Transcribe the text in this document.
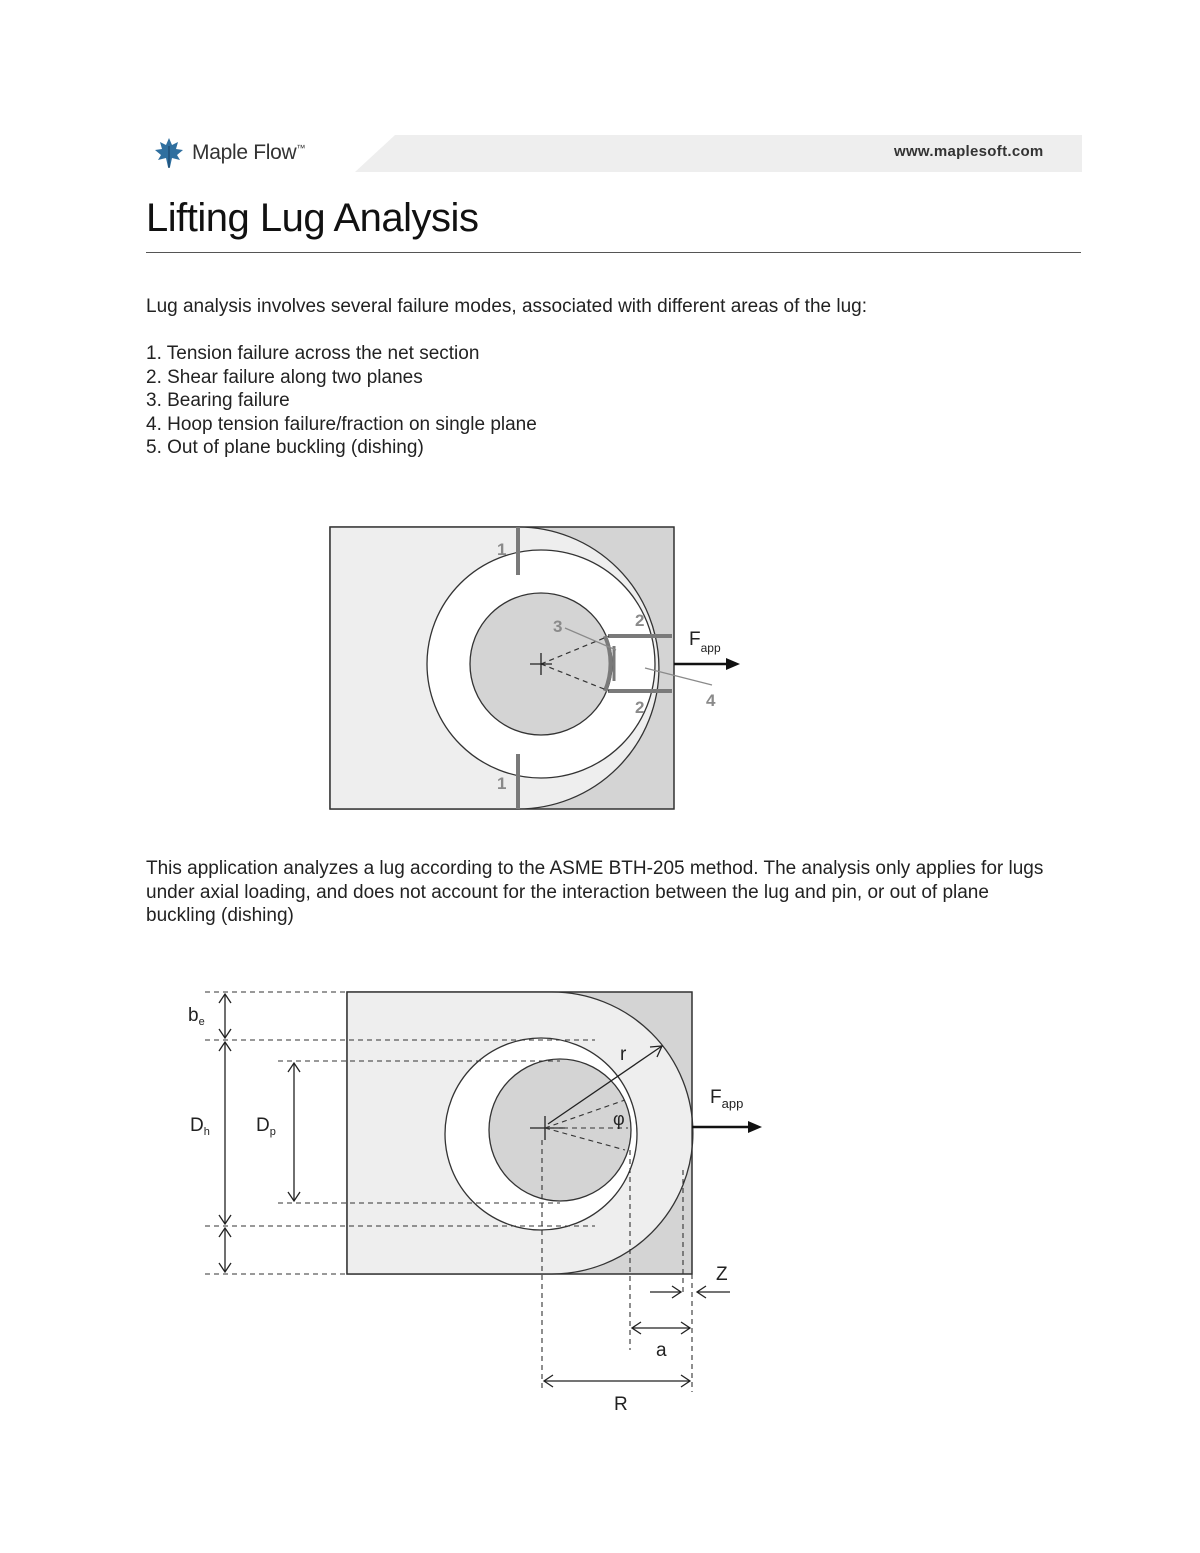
Maple Flow™	www.maplesoft.com
Lifting Lug Analysis

Lug analysis involves several failure modes, associated with different areas of the lug:

1. Tension failure across the net section
2. Shear failure along two planes
3. Bearing failure
4. Hoop tension failure/fraction on single plane
5. Out of plane buckling (dishing)
1
1
2
2
3
4
$F_{app}$

This application analyzes a lug according to the ASME BTH-205 method. The analysis only applies for lugs under axial loading, and does not account for the interaction between the lug and pin, or out of plane buckling (dishing)

$b_e$
$D_h$ $D_p$
r
φ
$F_{app}$
Z
a
R
